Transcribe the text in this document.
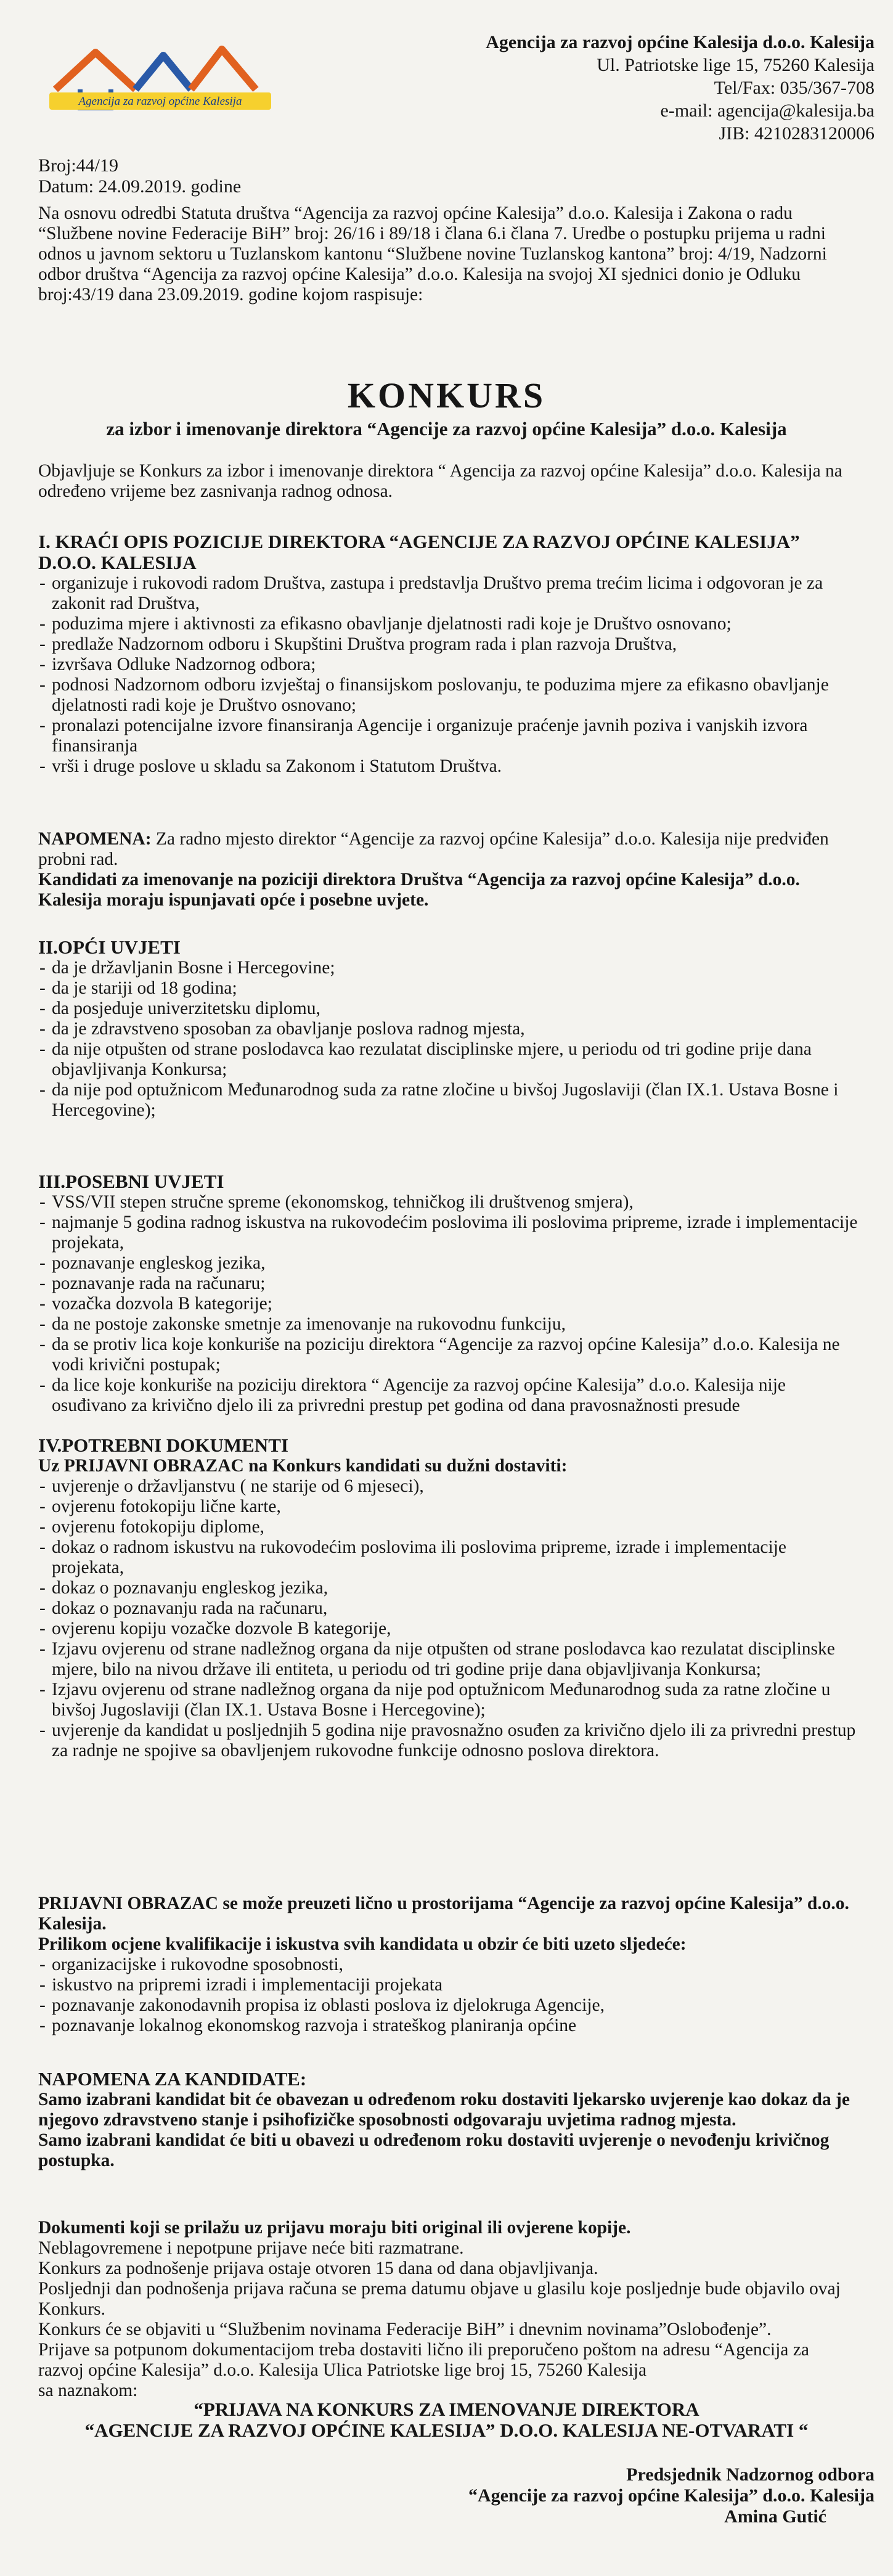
Agencija za razvoj općine Kalesija
Agencija za razvoj općine Kalesija d.o.o. Kalesija
Ul. Patriotske lige 15, 75260 Kalesija
Tel/Fax: 035/367-708
e-mail: agencija@kalesija.ba
JIB: 4210283120006
Broj:44/19
Datum: 24.09.2019. godine

Na osnovu odredbi Statuta društva “Agencija za razvoj općine Kalesija” d.o.o. Kalesija i Zakona o radu “Službene novine Federacije BiH” broj: 26/16 i 89/18 i člana 6.i člana 7. Uredbe o postupku prijema u radni odnos u javnom sektoru u Tuzlanskom kantonu “Službene novine Tuzlanskog kantona” broj: 4/19, Nadzorni odbor društva “Agencija za razvoj općine Kalesija” d.o.o. Kalesija na svojoj XI sjednici donio je Odluku broj:43/19 dana 23.09.2019. godine kojom raspisuje:

KONKURS
za izbor i imenovanje direktora “Agencije za razvoj općine Kalesija” d.o.o. Kalesija

Objavljuje se Konkurs za izbor i imenovanje direktora “ Agencija za razvoj općine Kalesija” d.o.o. Kalesija na određeno vrijeme bez zasnivanja radnog odnosa.

I. KRAĆI OPIS POZICIJE DIREKTORA “AGENCIJE ZA RAZVOJ OPĆINE KALESIJA” D.O.O. KALESIJA
- organizuje i rukovodi radom Društva, zastupa i predstavlja Društvo prema trećim licima i odgovoran je za zakonit rad Društva,
- poduzima mjere i aktivnosti za efikasno obavljanje djelatnosti radi koje je Društvo osnovano;
- predlaže Nadzornom odboru i Skupštini Društva program rada i plan razvoja Društva,
- izvršava Odluke Nadzornog odbora;
- podnosi Nadzornom odboru izvještaj o finansijskom poslovanju, te poduzima mjere za efikasno obavljanje djelatnosti radi koje je Društvo osnovano;
- pronalazi potencijalne izvore finansiranja Agencije i organizuje praćenje javnih poziva i vanjskih izvora finansiranja
- vrši i druge poslove u skladu sa Zakonom i Statutom Društva.

NAPOMENA: Za radno mjesto direktor “Agencije za razvoj općine Kalesija” d.o.o. Kalesija nije predviđen probni rad.

Kandidati za imenovanje na poziciji direktora Društva “Agencija za razvoj općine Kalesija” d.o.o. Kalesija moraju ispunjavati opće i posebne uvjete.

II.OPĆI UVJETI
- da je državljanin Bosne i Hercegovine;
- da je stariji od 18 godina;
- da posjeduje univerzitetsku diplomu,
- da je zdravstveno sposoban za obavljanje poslova radnog mjesta,
- da nije otpušten od strane poslodavca kao rezulatat disciplinske mjere, u periodu od tri godine prije dana objavljivanja Konkursa;
- da nije pod optužnicom Međunarodnog suda za ratne zločine u bivšoj Jugoslaviji (član IX.1. Ustava Bosne i Hercegovine);
III.POSEBNI UVJETI
- VSS/VII stepen stručne spreme (ekonomskog, tehničkog ili društvenog smjera),
- najmanje 5 godina radnog iskustva na rukovodećim poslovima ili poslovima pripreme, izrade i implementacije projekata,
- poznavanje engleskog jezika,
- poznavanje rada na računaru;
- vozačka dozvola B kategorije;
- da ne postoje zakonske smetnje za imenovanje na rukovodnu funkciju,
- da se protiv lica koje konkuriše na poziciju direktora “Agencije za razvoj općine Kalesija” d.o.o. Kalesija ne vodi krivični postupak;
- da lice koje konkuriše na poziciju direktora “ Agencije za razvoj općine Kalesija” d.o.o. Kalesija nije osuđivano za krivično djelo ili za privredni prestup pet godina od dana pravosnažnosti presude
IV.POTREBNI DOKUMENTI

Uz PRIJAVNI OBRAZAC na Konkurs kandidati su dužni dostaviti:

- uvjerenje o državljanstvu ( ne starije od 6 mjeseci),
- ovjerenu fotokopiju lične karte,
- ovjerenu fotokopiju diplome,
- dokaz o radnom iskustvu na rukovodećim poslovima ili poslovima pripreme, izrade i implementacije projekata,
- dokaz o poznavanju engleskog jezika,
- dokaz o poznavanju rada na računaru,
- ovjerenu kopiju vozačke dozvole B kategorije,
- Izjavu ovjerenu od strane nadležnog organa da nije otpušten od strane poslodavca kao rezulatat disciplinske mjere, bilo na nivou države ili entiteta, u periodu od tri godine prije dana objavljivanja Konkursa;
- Izjavu ovjerenu od strane nadležnog organa da nije pod optužnicom Međunarodnog suda za ratne zločine u bivšoj Jugoslaviji (član IX.1. Ustava Bosne i Hercegovine);
- uvjerenje da kandidat u posljednjih 5 godina nije pravosnažno osuđen za krivično djelo ili za privredni prestup za radnje ne spojive sa obavljenjem rukovodne funkcije odnosno poslova direktora.

PRIJAVNI OBRAZAC se može preuzeti lično u prostorijama “Agencije za razvoj općine Kalesija” d.o.o. Kalesija.

Prilikom ocjene kvalifikacije i iskustva svih kandidata u obzir će biti uzeto sljedeće:

- organizacijske i rukovodne sposobnosti,
- iskustvo na pripremi izradi i implementaciji projekata
- poznavanje zakonodavnih propisa iz oblasti poslova iz djelokruga Agencije,
- poznavanje lokalnog ekonomskog razvoja i strateškog planiranja općine
NAPOMENA ZA KANDIDATE:

Samo izabrani kandidat bit će obavezan u određenom roku dostaviti ljekarsko uvjerenje kao dokaz da je njegovo zdravstveno stanje i psihofizičke sposobnosti odgovaraju uvjetima radnog mjesta.

Samo izabrani kandidat će biti u obavezi u određenom roku dostaviti uvjerenje o nevođenju krivičnog postupka.

Dokumenti koji se prilažu uz prijavu moraju biti original ili ovjerene kopije.

Neblagovremene i nepotpune prijave neće biti razmatrane.

Konkurs za podnošenje prijava ostaje otvoren 15 dana od dana objavljivanja.

Posljednji dan podnošenja prijava računa se prema datumu objave u glasilu koje posljednje bude objavilo ovaj Konkurs.

Konkurs će se objaviti u “Službenim novinama Federacije BiH” i dnevnim novinama”Oslobođenje”.

Prijave sa potpunom dokumentacijom treba dostaviti lično ili preporučeno poštom na adresu “Agencija za razvoj općine Kalesija” d.o.o. Kalesija Ulica Patriotske lige broj 15, 75260 Kalesija

sa naznakom:

“PRIJAVA NA KONKURS ZA IMENOVANJE DIREKTORA
“AGENCIJE ZA RAZVOJ OPĆINE KALESIJA” D.O.O. KALESIJA NE-OTVARATI “
Predsjednik Nadzornog odbora
“Agencije za razvoj općine Kalesija” d.o.o. Kalesija
Amina Gutić
